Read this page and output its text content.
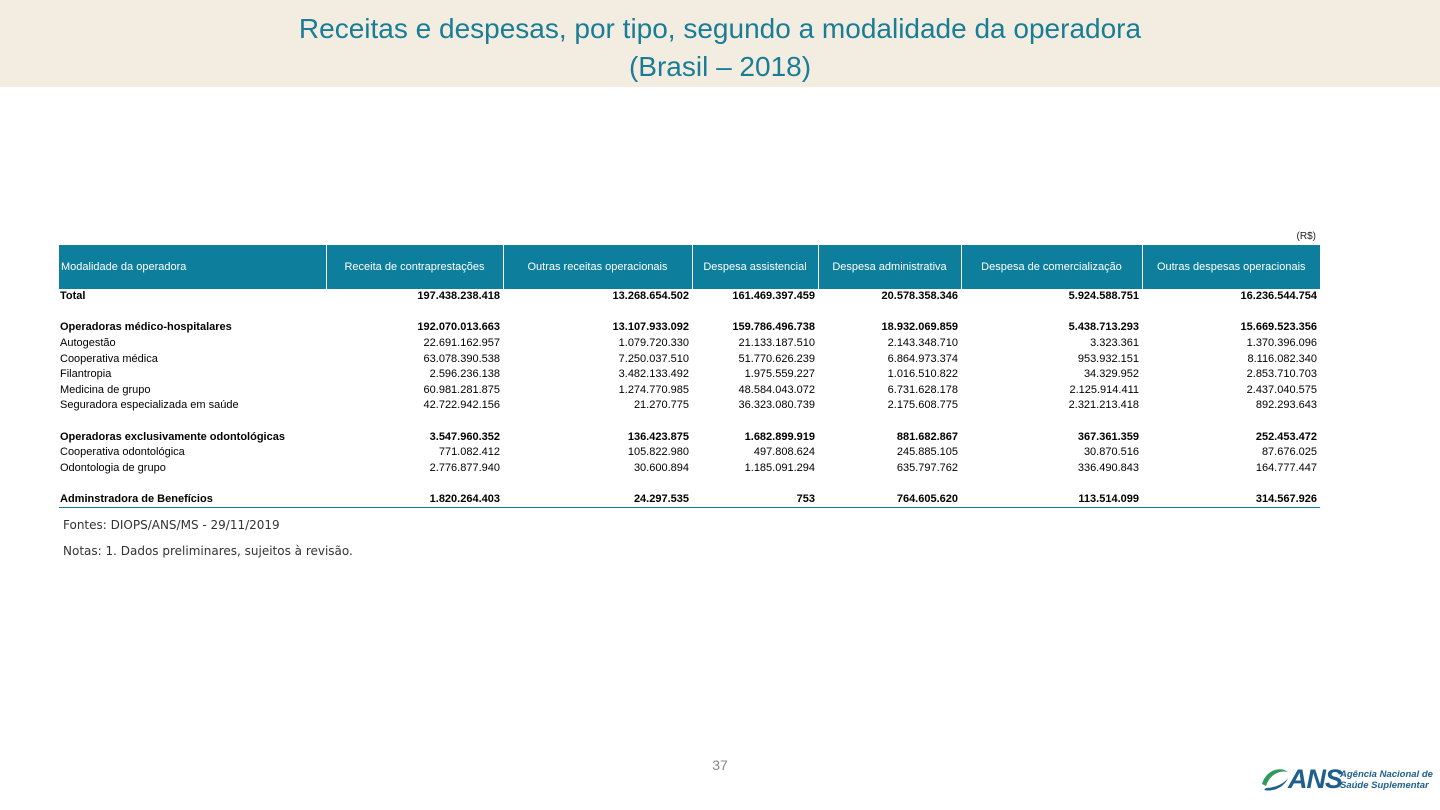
Receitas e despesas, por tipo, segundo a modalidade da operadora
(Brasil – 2018)
(R$)
Modalidade da operadora	Receita de contraprestações	Outras receitas operacionais	Despesa assistencial	Despesa administrativa	Despesa de comercialização	Outras despesas operacionais
Total	197.438.238.418	13.268.654.502	161.469.397.459	20.578.358.346	5.924.588.751	16.236.544.754

Operadoras médico-hospitalares	192.070.013.663	13.107.933.092	159.786.496.738	18.932.069.859	5.438.713.293	15.669.523.356
Autogestão	22.691.162.957	1.079.720.330	21.133.187.510	2.143.348.710	3.323.361	1.370.396.096
Cooperativa médica	63.078.390.538	7.250.037.510	51.770.626.239	6.864.973.374	953.932.151	8.116.082.340
Filantropia	2.596.236.138	3.482.133.492	1.975.559.227	1.016.510.822	34.329.952	2.853.710.703
Medicina de grupo	60.981.281.875	1.274.770.985	48.584.043.072	6.731.628.178	2.125.914.411	2.437.040.575
Seguradora especializada em saúde	42.722.942.156	21.270.775	36.323.080.739	2.175.608.775	2.321.213.418	892.293.643

Operadoras exclusivamente odontológicas	3.547.960.352	136.423.875	1.682.899.919	881.682.867	367.361.359	252.453.472
Cooperativa odontológica	771.082.412	105.822.980	497.808.624	245.885.105	30.870.516	87.676.025
Odontologia de grupo	2.776.877.940	30.600.894	1.185.091.294	635.797.762	336.490.843	164.777.447

Adminstradora de Benefícios	1.820.264.403	24.297.535	753	764.605.620	113.514.099	314.567.926
Fontes: DIOPS/ANS/MS - 29/11/2019
Notas: 1. Dados preliminares, sujeitos à revisão.
37	ANS
Agência Nacional de
Saúde Suplementar
